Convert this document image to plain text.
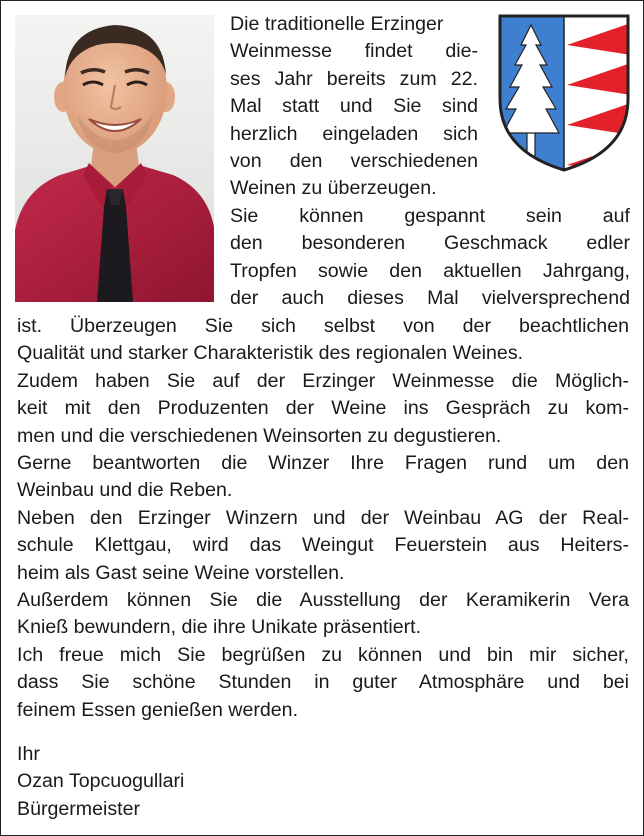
Die traditionelle Erzinger
Weinmesse findet die-
ses Jahr bereits zum 22.
Mal statt und Sie sind
herzlich eingeladen sich
von den verschiedenen
Weinen zu überzeugen.
Sie können gespannt sein auf
den besonderen Geschmack edler
Tropfen sowie den aktuellen Jahrgang,
der auch dieses Mal vielversprechend
ist. Überzeugen Sie sich selbst von der beachtlichen
Qualität und starker Charakteristik des regionalen Weines.
Zudem haben Sie auf der Erzinger Weinmesse die Möglich-
keit mit den Produzenten der Weine ins Gespräch zu kom-
men und die verschiedenen Weinsorten zu degustieren.
Gerne beantworten die Winzer Ihre Fragen rund um den
Weinbau und die Reben.
Neben den Erzinger Winzern und der Weinbau AG der Real-
schule Klettgau, wird das Weingut Feuerstein aus Heiters-
heim als Gast seine Weine vorstellen.
Außerdem können Sie die Ausstellung der Keramikerin Vera
Knieß bewundern, die ihre Unikate präsentiert.
Ich freue mich Sie begrüßen zu können und bin mir sicher,
dass Sie schöne Stunden in guter Atmosphäre und bei
feinem Essen genießen werden.
Ihr
Ozan Topcuogullari
Bürgermeister
